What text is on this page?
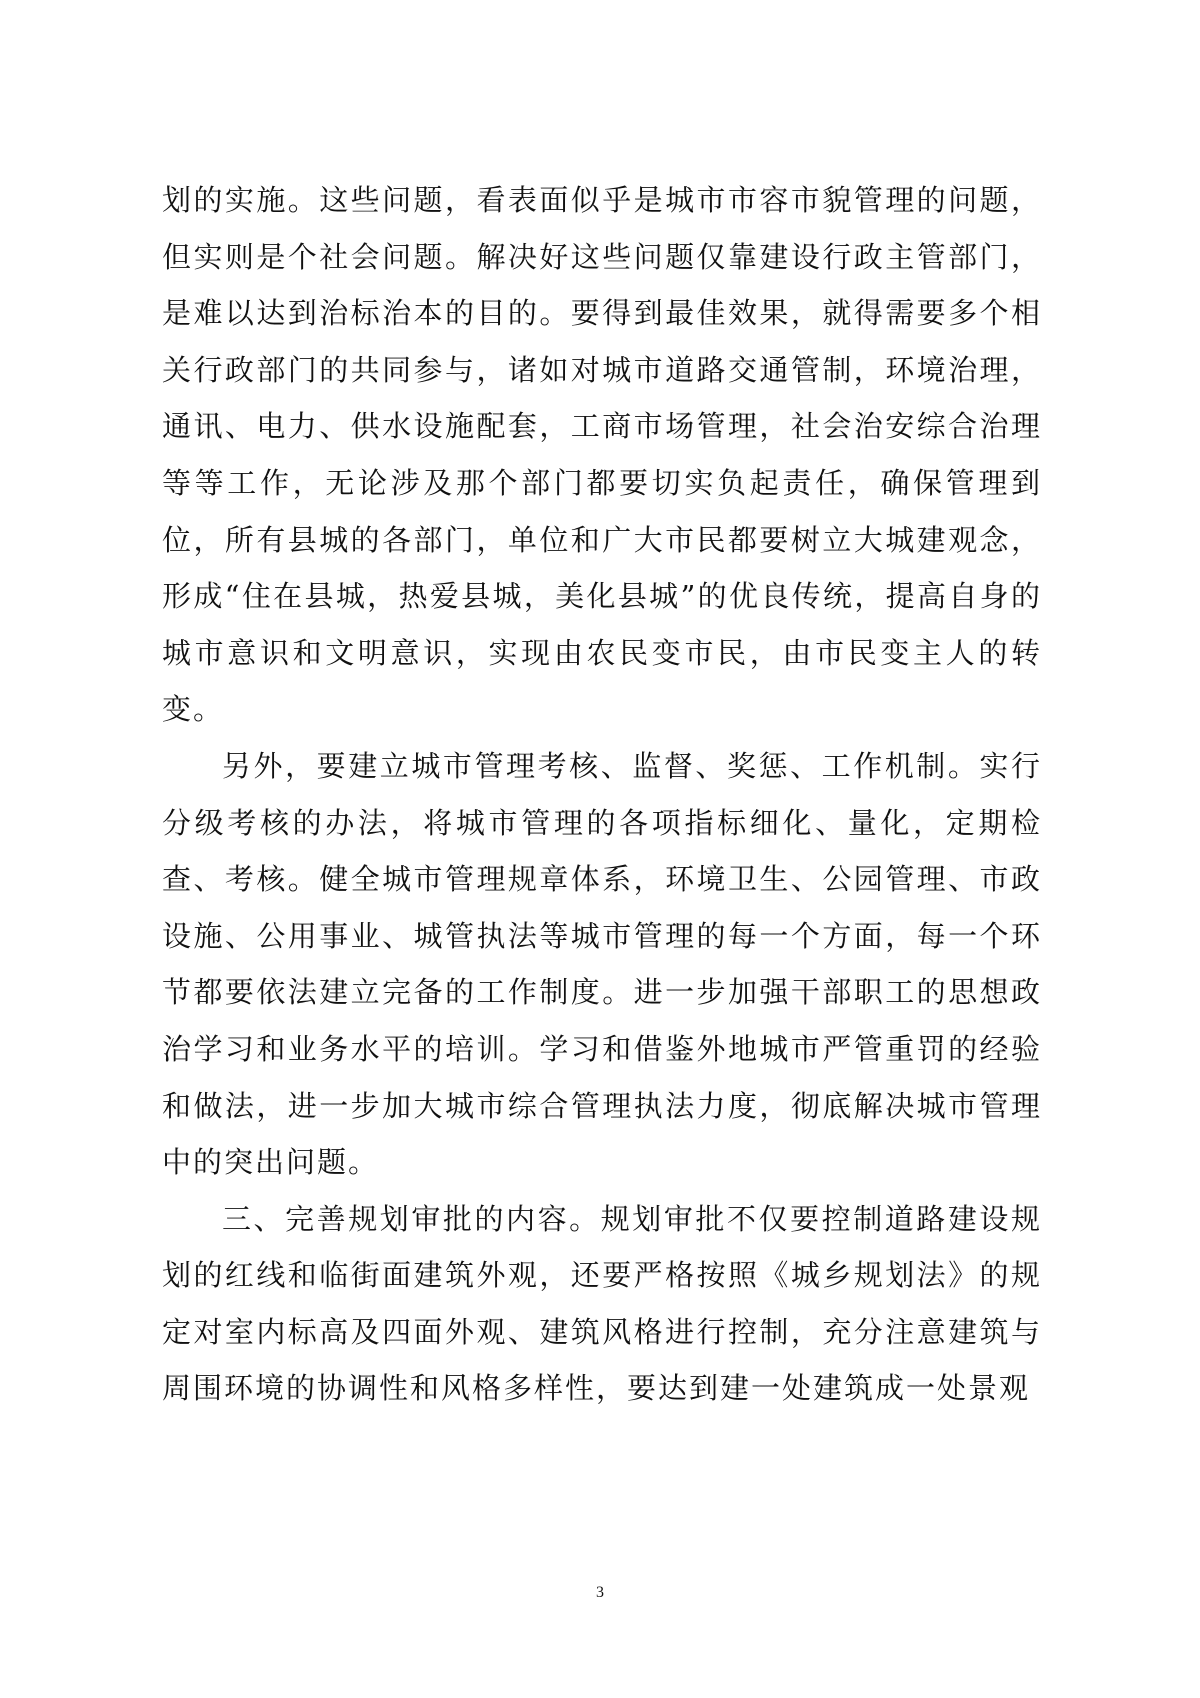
划的实施。这些问题，看表面似乎是城市市容市貌管理的问题，但实则是个社会问题。解决好这些问题仅靠建设行政主管部门，是难以达到治标治本的目的。要得到最佳效果，就得需要多个相关行政部门的共同参与，诸如对城市道路交通管制，环境治理，通讯、电力、供水设施配套，工商市场管理，社会治安综合治理等等工作，无论涉及那个部门都要切实负起责任，确保管理到位，所有县城的各部门，单位和广大市民都要树立大城建观念，形成“住在县城，热爱县城，美化县城”的优良传统，提高自身的城市意识和文明意识，实现由农民变市民，由市民变主人的转变。

另外，要建立城市管理考核、监督、奖惩、工作机制。实行分级考核的办法，将城市管理的各项指标细化、量化，定期检查、考核。健全城市管理规章体系，环境卫生、公园管理、市政设施、公用事业、城管执法等城市管理的每一个方面，每一个环节都要依法建立完备的工作制度。进一步加强干部职工的思想政治学习和业务水平的培训。学习和借鉴外地城市严管重罚的经验和做法，进一步加大城市综合管理执法力度，彻底解决城市管理中的突出问题。

三、完善规划审批的内容。规划审批不仅要控制道路建设规划的红线和临街面建筑外观，还要严格按照《城乡规划法》的规定对室内标高及四面外观、建筑风格进行控制，充分注意建筑与周围环境的协调性和风格多样性，要达到建一处建筑成一处景观

3
